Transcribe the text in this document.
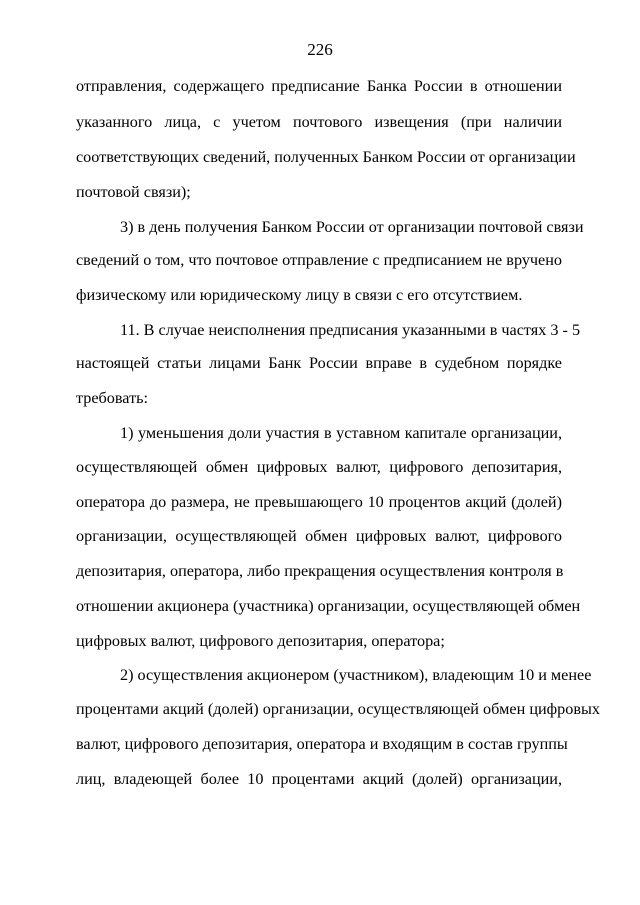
226
отправления, содержащего предписание Банка России в отношении
указанного лица, с учетом почтового извещения (при наличии
соответствующих сведений, полученных Банком России от организации
почтовой связи);
3) в день получения Банком России от организации почтовой связи
сведений о том, что почтовое отправление с предписанием не вручено
физическому или юридическому лицу в связи с его отсутствием.
11. В случае неисполнения предписания указанными в частях 3 - 5
настоящей статьи лицами Банк России вправе в судебном порядке
требовать:
1) уменьшения доли участия в уставном капитале организации,
осуществляющей обмен цифровых валют, цифрового депозитария,
оператора до размера, не превышающего 10 процентов акций (долей)
организации, осуществляющей обмен цифровых валют, цифрового
депозитария, оператора, либо прекращения осуществления контроля в
отношении акционера (участника) организации, осуществляющей обмен
цифровых валют, цифрового депозитария, оператора;
2) осуществления акционером (участником), владеющим 10 и менее
процентами акций (долей) организации, осуществляющей обмен цифровых
валют, цифрового депозитария, оператора и входящим в состав группы
лиц, владеющей более 10 процентами акций (долей) организации,
